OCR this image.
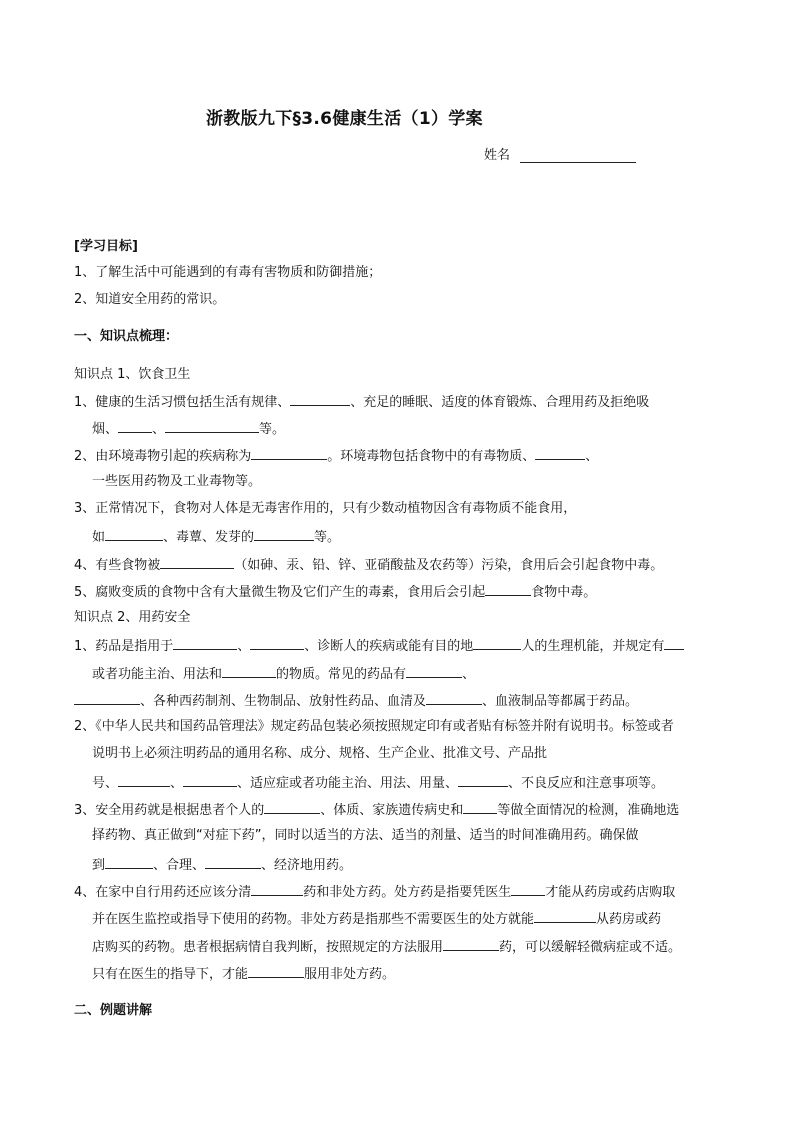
浙教版九下§3.6健康生活（1）学案
姓名
[学习目标]
1、了解生活中可能遇到的有毒有害物质和防御措施；
2、知道安全用药的常识。
一、知识点梳理：
知识点 1、饮食卫生
1、健康的生活习惯包括生活有规律、	、充足的睡眠、适度的体育锻炼、合理用药及拒绝吸
烟、	、	等。
2、由环境毒物引起的疾病称为	。环境毒物包括食物中的有毒物质、	、
一些医用药物及工业毒物等。
3、正常情况下，食物对人体是无毒害作用的，只有少数动植物因含有毒物质不能食用，
如	、毒蕈、发芽的	等。
4、有些食物被	（如砷、汞、铅、锌、亚硝酸盐及农药等）污染，食用后会引起食物中毒。
5、腐败变质的食物中含有大量微生物及它们产生的毒素，食用后会引起	食物中毒。
知识点 2、用药安全
1、药品是指用于	、	、诊断人的疾病或能有目的地	人的生理机能，并规定有
或者功能主治、用法和	的物质。常见的药品有	、
、各种西药制剂、生物制品、放射性药品、血清及	、血液制品等都属于药品。
2、《中华人民共和国药品管理法》规定药品包装必须按照规定印有或者贴有标签并附有说明书。标签或者
说明书上必须注明药品的通用名称、成分、规格、生产企业、批准文号、产品批
号、	、	、适应症或者功能主治、用法、用量、	、不良反应和注意事项等。
3、安全用药就是根据患者个人的	、体质、家族遗传病史和	等做全面情况的检测，准确地选
择药物、真正做到“对症下药”，同时以适当的方法、适当的剂量、适当的时间准确用药。确保做
到	、合理、	、经济地用药。
4、在家中自行用药还应该分清	药和非处方药。处方药是指要凭医生	才能从药房或药店购取
并在医生监控或指导下使用的药物。非处方药是指那些不需要医生的处方就能	从药房或药
店购买的药物。患者根据病情自我判断，按照规定的方法服用	药，可以缓解轻微病症或不适。
只有在医生的指导下，才能	服用非处方药。
二、例题讲解
